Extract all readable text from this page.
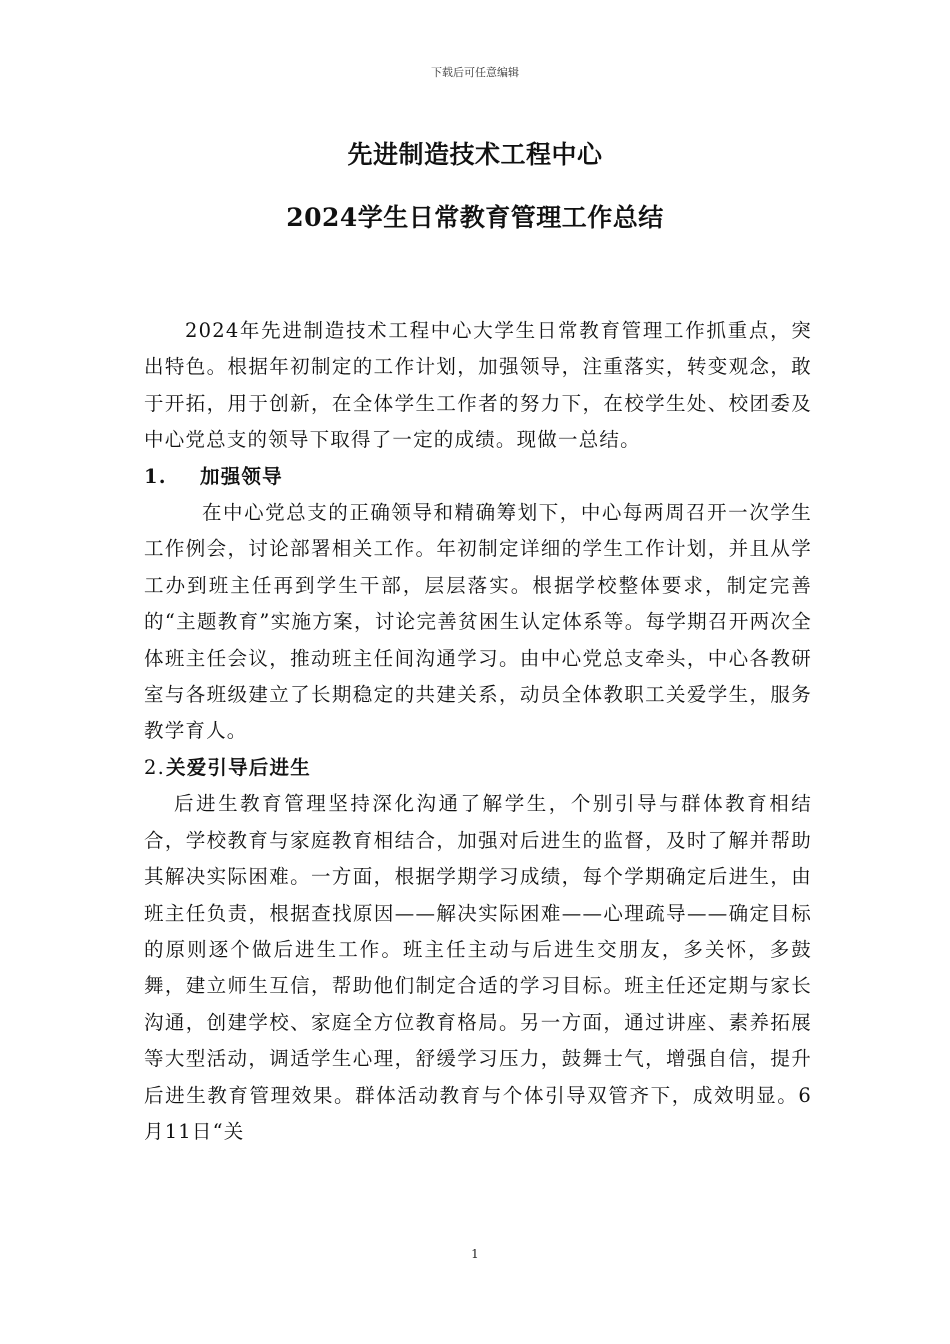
下载后可任意编辑
先进制造技术工程中心
2024学生日常教育管理工作总结

2024年先进制造技术工程中心大学生日常教育管理工作抓重点，突出特色。根据年初制定的工作计划，加强领导，注重落实，转变观念，敢于开拓，用于创新，在全体学生工作者的努力下，在校学生处、校团委及中心党总支的领导下取得了一定的成绩。现做一总结。

1. 加强领导

在中心党总支的正确领导和精确筹划下，中心每两周召开一次学生工作例会，讨论部署相关工作。年初制定详细的学生工作计划，并且从学工办到班主任再到学生干部，层层落实。根据学校整体要求，制定完善的“主题教育”实施方案，讨论完善贫困生认定体系等。每学期召开两次全体班主任会议，推动班主任间沟通学习。由中心党总支牵头，中心各教研室与各班级建立了长期稳定的共建关系，动员全体教职工关爱学生，服务教学育人。

2.关爱引导后进生

后进生教育管理坚持深化沟通了解学生，个别引导与群体教育相结合，学校教育与家庭教育相结合，加强对后进生的监督，及时了解并帮助其解决实际困难。一方面，根据学期学习成绩，每个学期确定后进生，由班主任负责，根据查找原因——解决实际困难——心理疏导——确定目标的原则逐个做后进生工作。班主任主动与后进生交朋友，多关怀，多鼓舞，建立师生互信，帮助他们制定合适的学习目标。班主任还定期与家长沟通，创建学校、家庭全方位教育格局。另一方面，通过讲座、素养拓展等大型活动，调适学生心理，舒缓学习压力，鼓舞士气，增强自信，提升后进生教育管理效果。群体活动教育与个体引导双管齐下，成效明显。6月11日“关

1
